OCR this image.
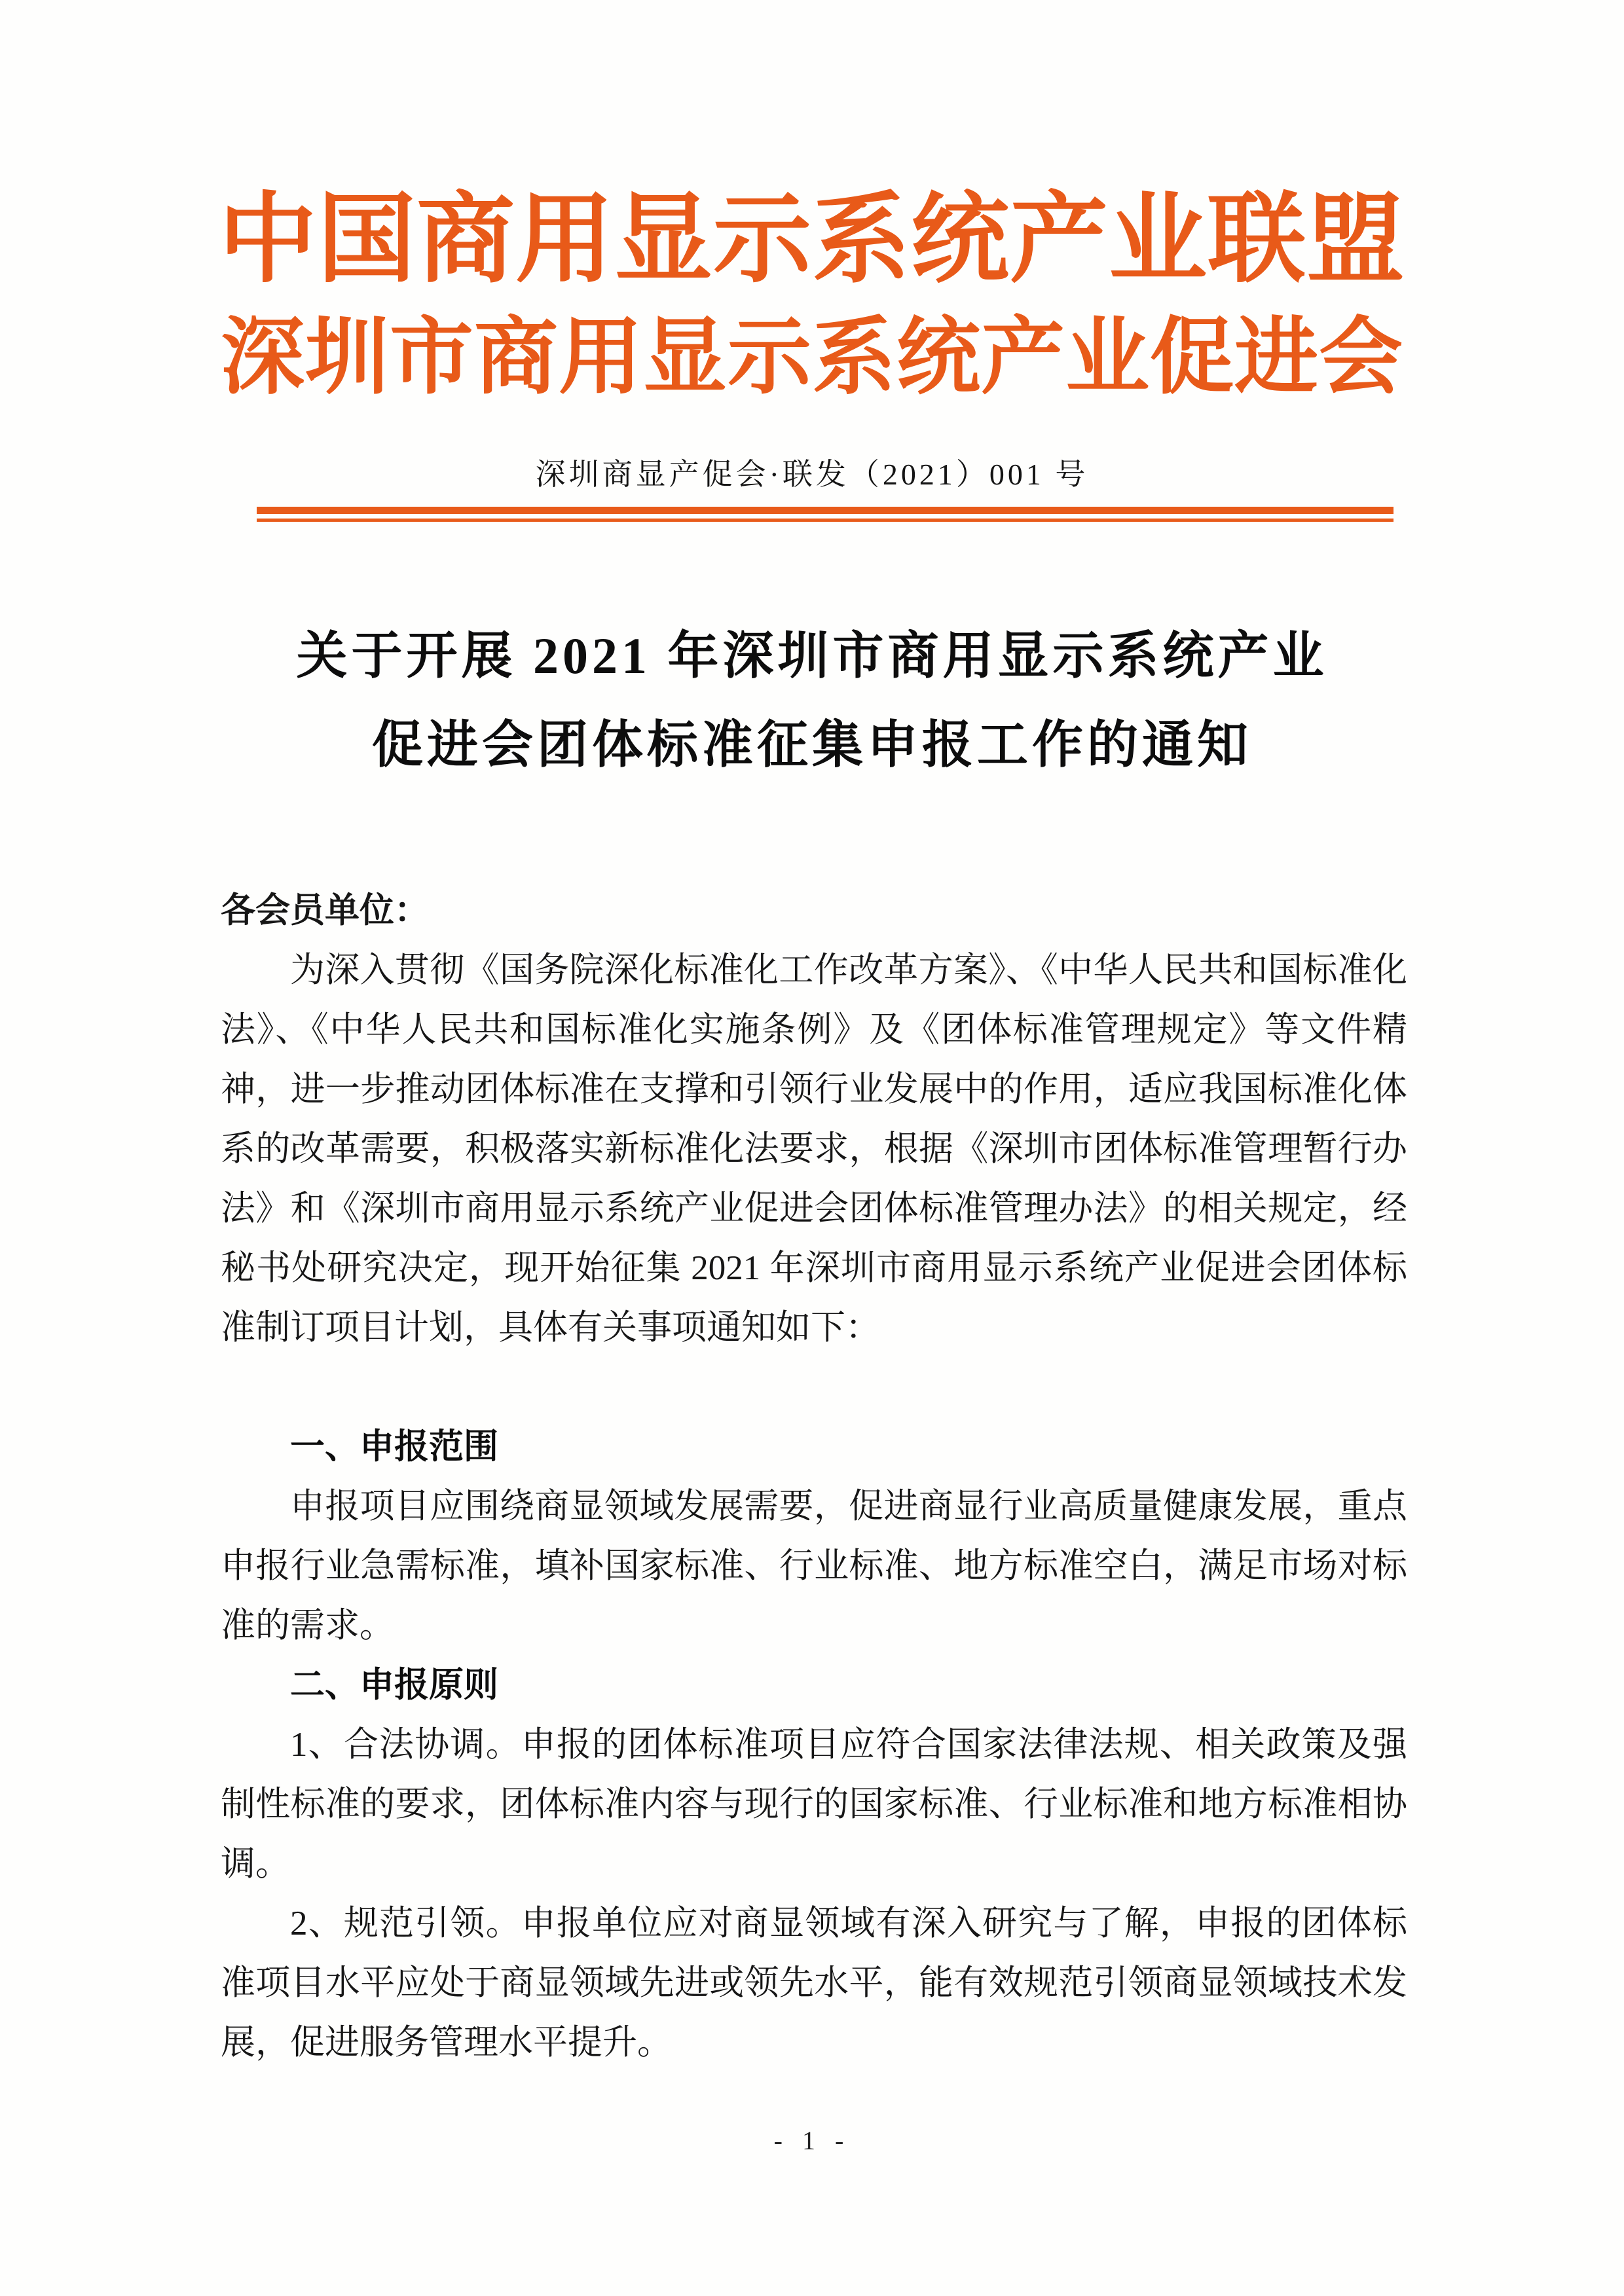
中国商用显示系统产业联盟
深圳市商用显示系统产业促进会
深圳商显产促会·联发（2021）001 号
关于开展 2021 年深圳市商用显示系统产业
促进会团体标准征集申报工作的通知

各会员单位：

为深入贯彻《国务院深化标准化工作改革方案》、《中华人民共和国标准化法》、《中华人民共和国标准化实施条例》及《团体标准管理规定》等文件精神，进一步推动团体标准在支撑和引领行业发展中的作用，适应我国标准化体系的改革需要，积极落实新标准化法要求，根据《深圳市团体标准管理暂行办法》和《深圳市商用显示系统产业促进会团体标准管理办法》的相关规定，经秘书处研究决定，现开始征集 2021 年深圳市商用显示系统产业促进会团体标准制订项目计划，具体有关事项通知如下：

一、申报范围

申报项目应围绕商显领域发展需要，促进商显行业高质量健康发展，重点申报行业急需标准，填补国家标准、行业标准、地方标准空白，满足市场对标准的需求。

二、申报原则

1、合法协调。申报的团体标准项目应符合国家法律法规、相关政策及强制性标准的要求，团体标准内容与现行的国家标准、行业标准和地方标准相协调。

2、规范引领。申报单位应对商显领域有深入研究与了解，申报的团体标准项目水平应处于商显领域先进或领先水平，能有效规范引领商显领域技术发展，促进服务管理水平提升。

- 1 -
